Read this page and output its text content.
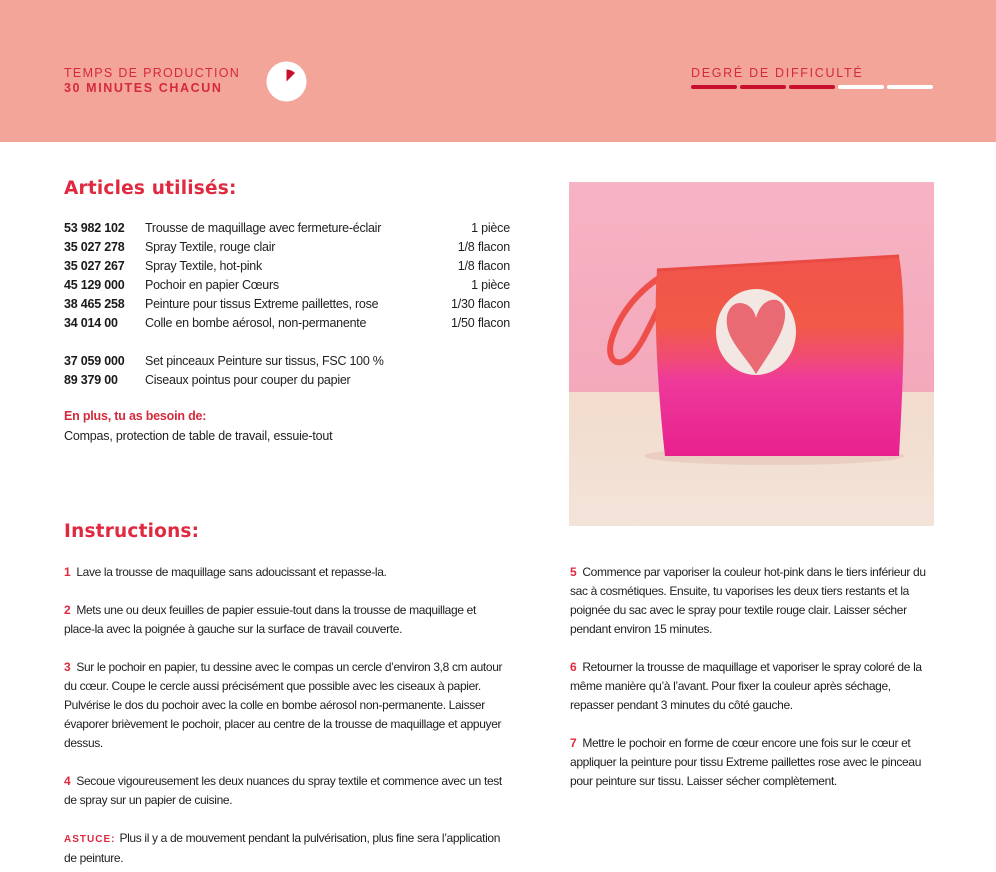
TEMPS DE PRODUCTION
30 MINUTES CHACUN
DEGRÉ DE DIFFICULTÉ
Articles utilisés:
53 982 102	Trousse de maquillage avec fermeture-éclair	1 pièce
35 027 278	Spray Textile, rouge clair	1/8 flacon
35 027 267	Spray Textile, hot-pink	1/8 flacon
45 129 000	Pochoir en papier Cœurs	1 pièce
38 465 258	Peinture pour tissus Extreme paillettes, rose	1/30 flacon
34 014 00	Colle en bombe aérosol, non-permanente	1/50 flacon
37 059 000	Set pinceaux Peinture sur tissus, FSC 100 %
89 379 00	Ciseaux pointus pour couper du papier
En plus, tu as besoin de:
Compas, protection de table de travail, essuie-tout
Instructions:

1 Lave la trousse de maquillage sans adoucissant et repasse-la.

2 Mets une ou deux feuilles de papier essuie-tout dans la trousse de maquillage et place-la avec la poignée à gauche sur la surface de travail couverte.

3 Sur le pochoir en papier, tu dessine avec le compas un cercle d’environ 3,8 cm autour du cœur. Coupe le cercle aussi précisément que possible avec les ciseaux à papier. Pulvérise le dos du pochoir avec la colle en bombe aérosol non-permanente. Laisser évaporer brièvement le pochoir, placer au centre de la trousse de maquillage et appuyer dessus.

4 Secoue vigoureusement les deux nuances du spray textile et commence avec un test de spray sur un papier de cuisine.

ASTUCE: Plus il y a de mouvement pendant la pulvérisation, plus fine sera l’application de peinture.

5 Commence par vaporiser la couleur hot-pink dans le tiers inférieur du sac à cosmétiques. Ensuite, tu vaporises les deux tiers restants et la poignée du sac avec le spray pour textile rouge clair. Laisser sécher pendant environ 15 minutes.

6 Retourner la trousse de maquillage et vaporiser le spray coloré de la même manière qu’à l’avant. Pour fixer la couleur après séchage, repasser pendant 3 minutes du côté gauche.

7 Mettre le pochoir en forme de cœur encore une fois sur le cœur et appliquer la peinture pour tissu Extreme paillettes rose avec le pinceau pour peinture sur tissu. Laisser sécher complètement.
